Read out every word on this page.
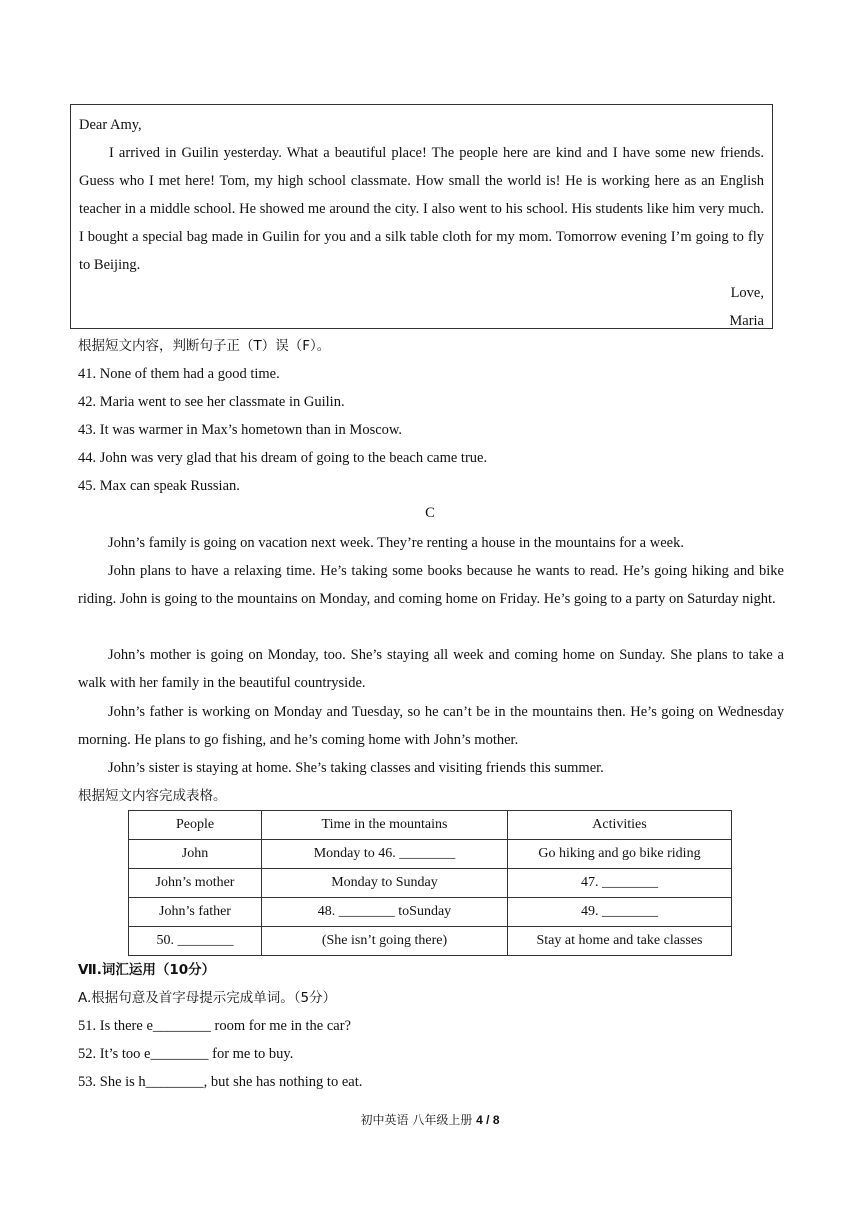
Dear Amy,

I arrived in Guilin yesterday. What a beautiful place! The people here are kind and I have some new friends. Guess who I met here! Tom, my high school classmate. How small the world is! He is working here as an English teacher in a middle school. He showed me around the city. I also went to his school. His students like him very much. I bought a special bag made in Guilin for you and a silk table cloth for my mom. Tomorrow evening I’m going to fly to Beijing.

Love,

Maria

根据短文内容，判断句子正（T）误（F）。
41. None of them had a good time.
42. Maria went to see her classmate in Guilin.
43. It was warmer in Max’s hometown than in Moscow.
44. John was very glad that his dream of going to the beach came true.
45. Max can speak Russian.
C

John’s family is going on vacation next week. They’re renting a house in the mountains for a week.

John plans to have a relaxing time. He’s taking some books because he wants to read. He’s going hiking and bike riding. John is going to the mountains on Monday, and coming home on Friday. He’s going to a party on Saturday night.

John’s mother is going on Monday, too. She’s staying all week and coming home on Sunday. She plans to take a walk with her family in the beautiful countryside.

John’s father is working on Monday and Tuesday, so he can’t be in the mountains then. He’s going on Wednesday morning. He plans to go fishing, and he’s coming home with John’s mother.

John’s sister is staying at home. She’s taking classes and visiting friends this summer.

根据短文内容完成表格。
People	Time in the mountains	Activities
John	Monday to 46. ________	Go hiking and go bike riding
John’s mother	Monday to Sunday	47. ________
John’s father	48. ________ toSunday	49. ________
50. ________	(She isn’t going there)	Stay at home and take classes
Ⅶ.词汇运用（10分）
A.根据句意及首字母提示完成单词。（5分）
51. Is there e________ room for me in the car?
52. It’s too e________ for me to buy.
53. She is h________, but she has nothing to eat.
初中英语 八年级上册 4 / 8
